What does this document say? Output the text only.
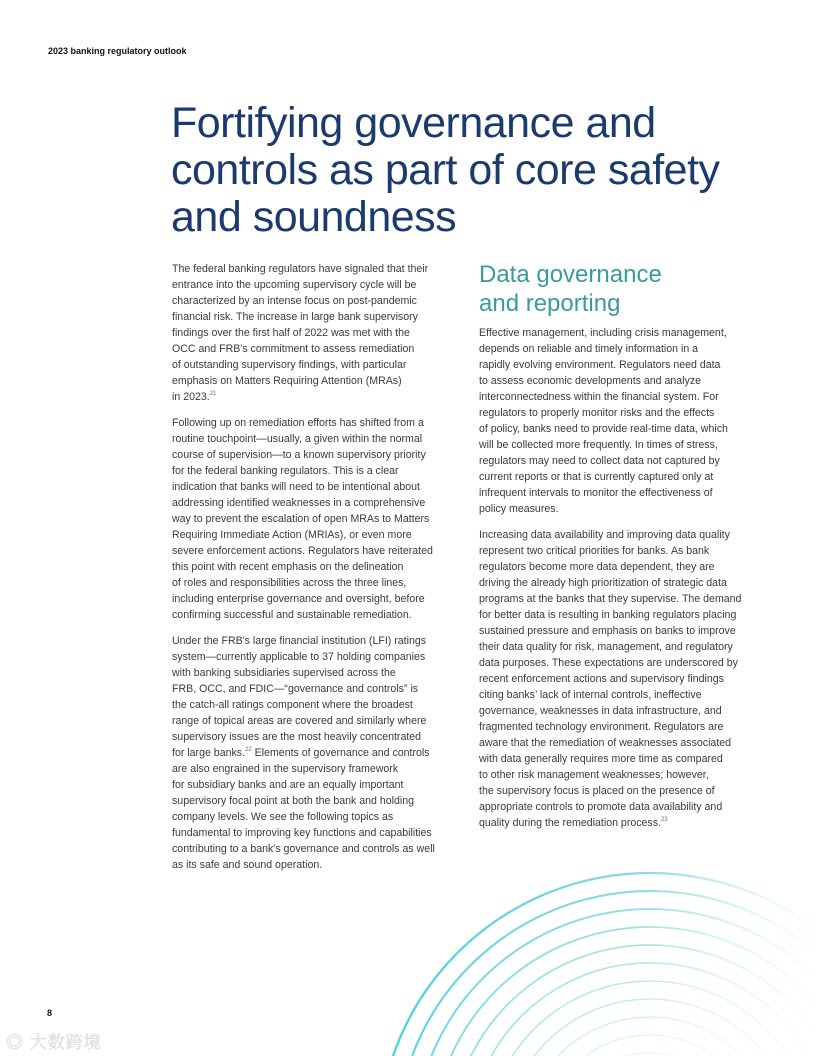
2023 banking regulatory outlook
Fortifying governance and
controls as part of core safety
and soundness
The federal banking regulators have signaled that their
entrance into the upcoming supervisory cycle will be
characterized by an intense focus on post-pandemic
financial risk. The increase in large bank supervisory
findings over the first half of 2022 was met with the
OCC and FRB's commitment to assess remediation
of outstanding supervisory findings, with particular
emphasis on Matters Requiring Attention (MRAs)
in 2023.21
Following up on remediation efforts has shifted from a
routine touchpoint—usually, a given within the normal
course of supervision—to a known supervisory priority
for the federal banking regulators. This is a clear
indication that banks will need to be intentional about
addressing identified weaknesses in a comprehensive
way to prevent the escalation of open MRAs to Matters
Requiring Immediate Action (MRIAs), or even more
severe enforcement actions. Regulators have reiterated
this point with recent emphasis on the delineation
of roles and responsibilities across the three lines,
including enterprise governance and oversight, before
confirming successful and sustainable remediation.
Under the FRB's large financial institution (LFI) ratings
system—currently applicable to 37 holding companies
with banking subsidiaries supervised across the
FRB, OCC, and FDIC—“governance and controls” is
the catch-all ratings component where the broadest
range of topical areas are covered and similarly where
supervisory issues are the most heavily concentrated
for large banks.$^{22}$ Elements of governance and controls
are also engrained in the supervisory framework
for subsidiary banks and are an equally important
supervisory focal point at both the bank and holding
company levels. We see the following topics as
fundamental to improving key functions and capabilities
contributing to a bank's governance and controls as well
as its safe and sound operation.
Data governance
and reporting
Effective management, including crisis management,
depends on reliable and timely information in a
rapidly evolving environment. Regulators need data
to assess economic developments and analyze
interconnectedness within the financial system. For
regulators to properly monitor risks and the effects
of policy, banks need to provide real-time data, which
will be collected more frequently. In times of stress,
regulators may need to collect data not captured by
current reports or that is currently captured only at
infrequent intervals to monitor the effectiveness of
policy measures.
Increasing data availability and improving data quality
represent two critical priorities for banks. As bank
regulators become more data dependent, they are
driving the already high prioritization of strategic data
programs at the banks that they supervise. The demand
for better data is resulting in banking regulators placing
sustained pressure and emphasis on banks to improve
their data quality for risk, management, and regulatory
data purposes. These expectations are underscored by
recent enforcement actions and supervisory findings
citing banks’ lack of internal controls, ineffective
governance, weaknesses in data infrastructure, and
fragmented technology environment. Regulators are
aware that the remediation of weaknesses associated
with data generally requires more time as compared
to other risk management weaknesses; however,
the supervisory focus is placed on the presence of
appropriate controls to promote data availability and
quality during the remediation process.$^{23}$
8
◎ 大数跨境
